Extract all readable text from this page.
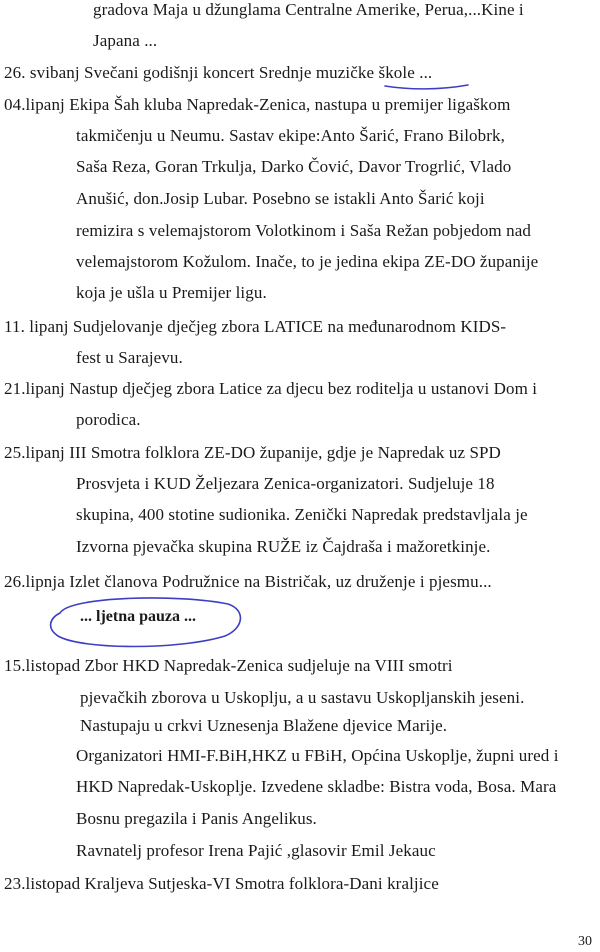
gradova Maja u džunglama Centralne Amerike, Perua,...Kine i
Japana ...
26. svibanj Svečani godišnji koncert Srednje muzičke škole ...
04.lipanj Ekipa Šah kluba Napredak-Zenica, nastupa u premijer ligaškom
takmičenju u Neumu. Sastav ekipe:Anto Šarić, Frano Bilobrk,
Saša Reza, Goran Trkulja, Darko Čović, Davor Trogrlić, Vlado
Anušić, don.Josip Lubar. Posebno se istakli Anto Šarić koji
remizira s velemajstorom Volotkinom i Saša Režan pobjedom nad
velemajstorom Kožulom. Inače, to je jedina ekipa ZE-DO županije
koja je ušla u Premijer ligu.
11. lipanj Sudjelovanje dječjeg zbora LATICE na međunarodnom KIDS-
fest u Sarajevu.
21.lipanj Nastup dječjeg zbora Latice za djecu bez roditelja u ustanovi Dom i
porodica.
25.lipanj III Smotra folklora ZE-DO županije, gdje je Napredak uz SPD
Prosvjeta i KUD Željezara Zenica-organizatori. Sudjeluje 18
skupina, 400 stotine sudionika. Zenički Napredak predstavljala je
Izvorna pjevačka skupina RUŽE iz Čajdraša i mažoretkinje.
26.lipnja Izlet članova Podružnice na Bistričak, uz druženje i pjesmu...
... ljetna pauza ...
15.listopad Zbor HKD Napredak-Zenica sudjeluje na VIII smotri
pjevačkih zborova u Uskoplju, a u sastavu Uskopljanskih jeseni.
Nastupaju u crkvi Uznesenja Blažene djevice Marije.
Organizatori HMI-F.BiH,HKZ u FBiH, Općina Uskoplje, župni ured i
HKD Napredak-Uskoplje. Izvedene skladbe: Bistra voda, Bosa. Mara
Bosnu pregazila i Panis Angelikus.
Ravnatelj profesor Irena Pajić ,glasovir Emil Jekauc
23.listopad Kraljeva Sutjeska-VI Smotra folklora-Dani kraljice
30
